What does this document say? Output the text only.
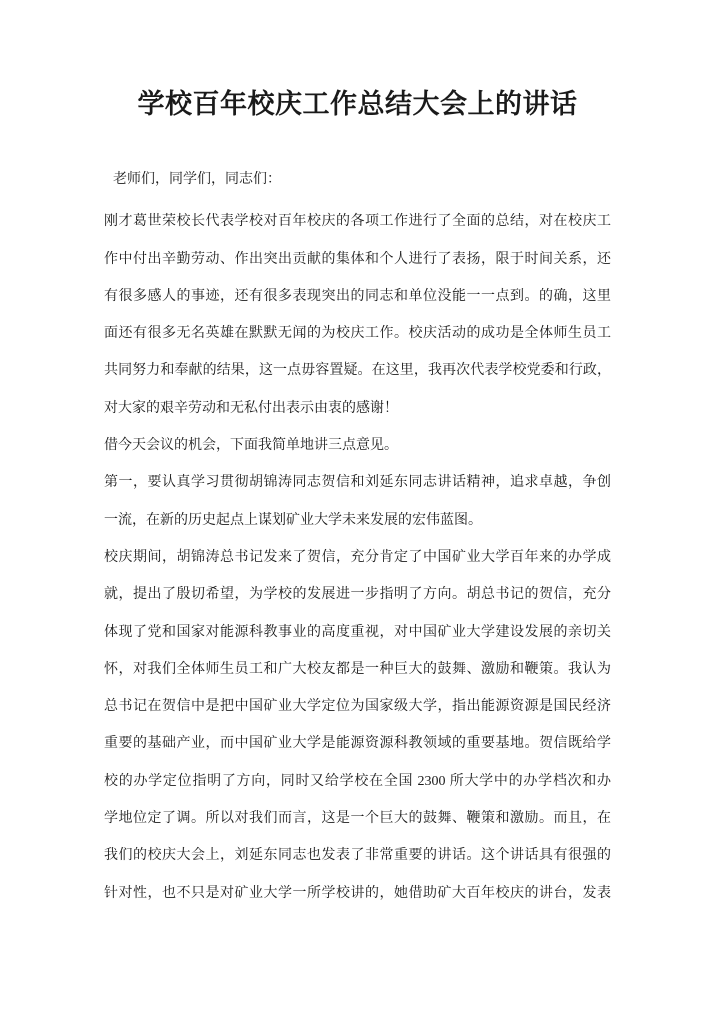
学校百年校庆工作总结大会上的讲话
老师们，同学们，同志们：
刚才葛世荣校长代表学校对百年校庆的各项工作进行了全面的总结，对在校庆工
作中付出辛勤劳动、作出突出贡献的集体和个人进行了表扬，限于时间关系，还
有很多感人的事迹，还有很多表现突出的同志和单位没能一一点到。的确，这里
面还有很多无名英雄在默默无闻的为校庆工作。校庆活动的成功是全体师生员工
共同努力和奉献的结果，这一点毋容置疑。在这里，我再次代表学校党委和行政，
对大家的艰辛劳动和无私付出表示由衷的感谢！
借今天会议的机会，下面我简单地讲三点意见。
第一，要认真学习贯彻胡锦涛同志贺信和刘延东同志讲话精神，追求卓越，争创
一流，在新的历史起点上谋划矿业大学未来发展的宏伟蓝图。
校庆期间，胡锦涛总书记发来了贺信，充分肯定了中国矿业大学百年来的办学成
就，提出了殷切希望，为学校的发展进一步指明了方向。胡总书记的贺信，充分
体现了党和国家对能源科教事业的高度重视，对中国矿业大学建设发展的亲切关
怀，对我们全体师生员工和广大校友都是一种巨大的鼓舞、激励和鞭策。我认为
总书记在贺信中是把中国矿业大学定位为国家级大学，指出能源资源是国民经济
重要的基础产业，而中国矿业大学是能源资源科教领域的重要基地。贺信既给学
校的办学定位指明了方向，同时又给学校在全国 2300 所大学中的办学档次和办
学地位定了调。所以对我们而言，这是一个巨大的鼓舞、鞭策和激励。而且，在
我们的校庆大会上，刘延东同志也发表了非常重要的讲话。这个讲话具有很强的
针对性，也不只是对矿业大学一所学校讲的，她借助矿大百年校庆的讲台，发表
